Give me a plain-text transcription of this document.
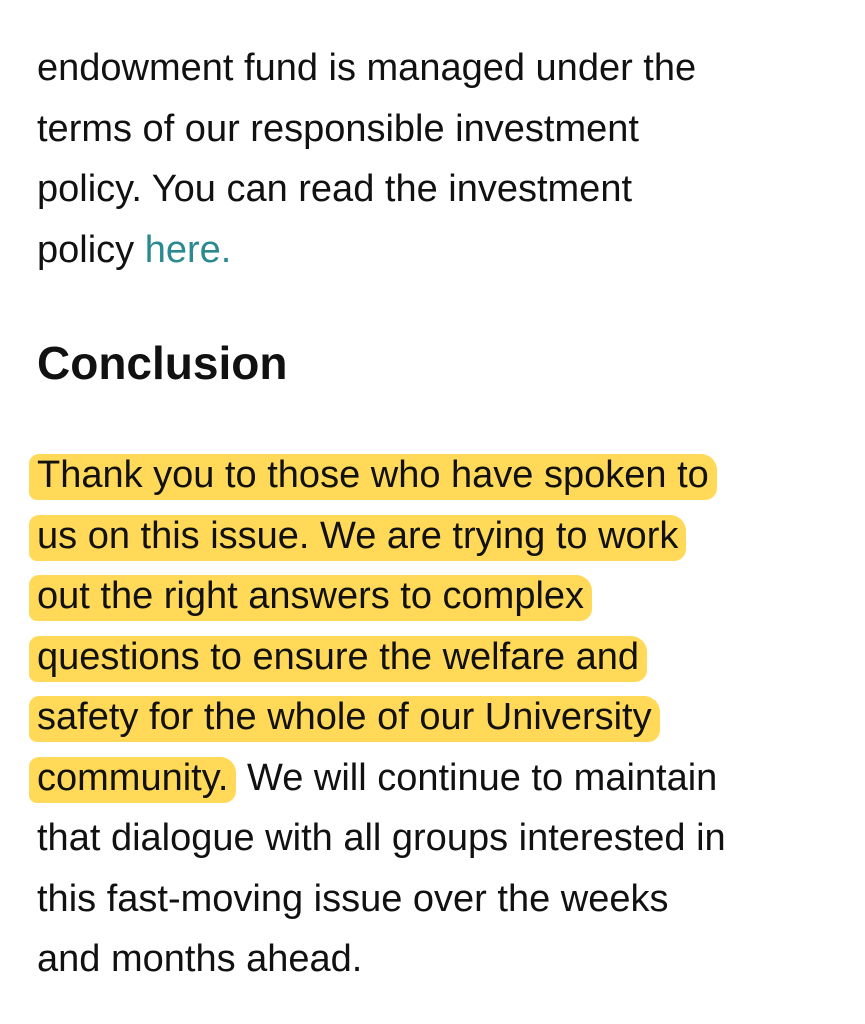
endowment fund is managed under the
terms of our responsible investment
policy. You can read the investment
policy here.
Conclusion
Thank you to those who have spoken to
us on this issue. We are trying to work
out the right answers to complex
questions to ensure the welfare and
safety for the whole of our University
community. We will continue to maintain
that dialogue with all groups interested in
this fast-moving issue over the weeks
and months ahead.
